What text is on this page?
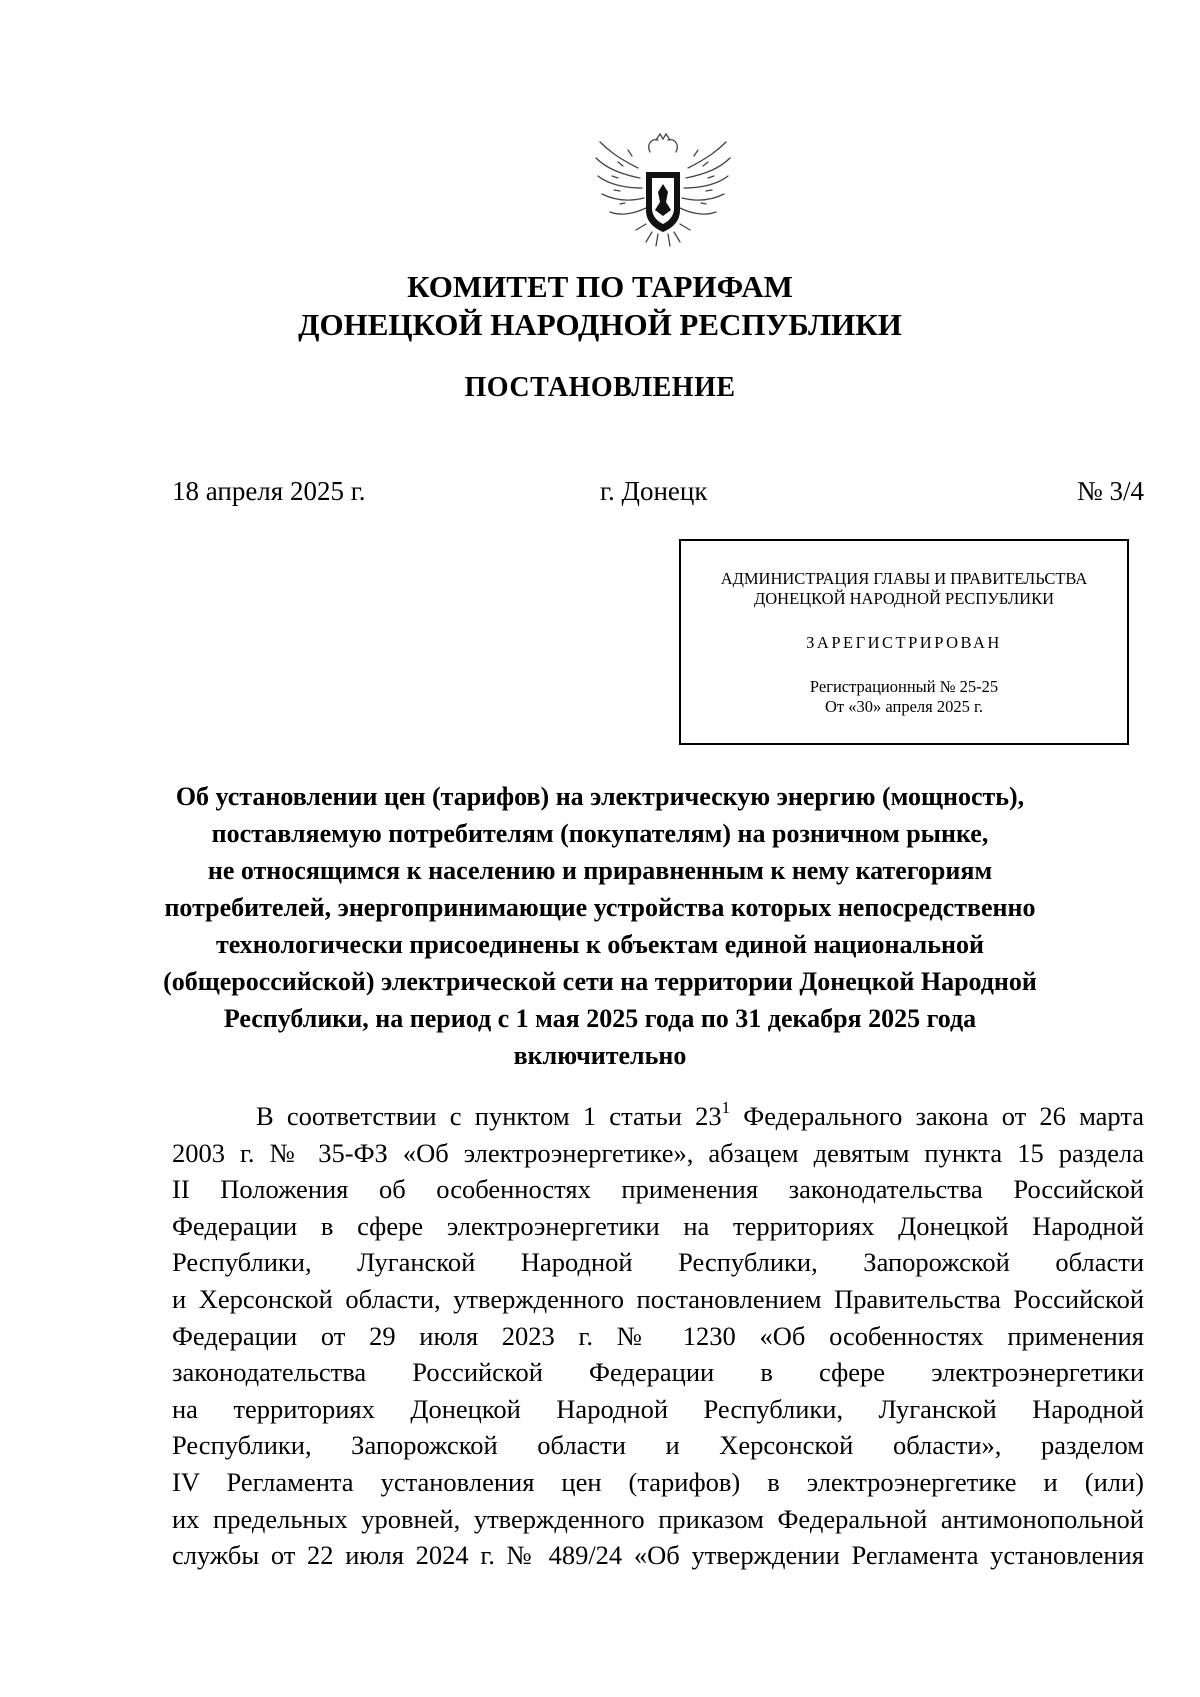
КОМИТЕТ ПО ТАРИФАМ
ДОНЕЦКОЙ НАРОДНОЙ РЕСПУБЛИКИ
ПОСТАНОВЛЕНИЕ
18 апреля 2025 г.	г. Донецк	№ 3/4
АДМИНИСТРАЦИЯ ГЛАВЫ И ПРАВИТЕЛЬСТВА
ДОНЕЦКОЙ НАРОДНОЙ РЕСПУБЛИКИ
ЗАРЕГИСТРИРОВАН
Регистрационный № 25-25
От «30» апреля 2025 г.
Об установлении цен (тарифов) на электрическую энергию (мощность),
поставляемую потребителям (покупателям) на розничном рынке,
не относящимся к населению и приравненным к нему категориям
потребителей, энергопринимающие устройства которых непосредственно
технологически присоединены к объектам единой национальной
(общероссийской) электрической сети на территории Донецкой Народной
Республики, на период с 1 мая 2025 года по 31 декабря 2025 года
включительно
В соответствии с пунктом 1 статьи $23^1$ Федерального закона от 26 марта
2003 г. № 35-ФЗ «Об электроэнергетике», абзацем девятым пункта 15 раздела
II Положения об особенностях применения законодательства Российской
Федерации в сфере электроэнергетики на территориях Донецкой Народной
Республики, Луганской Народной Республики, Запорожской области
и Херсонской области, утвержденного постановлением Правительства Российской
Федерации от 29 июля 2023 г. № 1230 «Об особенностях применения
законодательства Российской Федерации в сфере электроэнергетики
на территориях Донецкой Народной Республики, Луганской Народной
Республики, Запорожской области и Херсонской области», разделом
IV Регламента установления цен (тарифов) в электроэнергетике и (или)
их предельных уровней, утвержденного приказом Федеральной антимонопольной
службы от 22 июля 2024 г. № 489/24 «Об утверждении Регламента установления
